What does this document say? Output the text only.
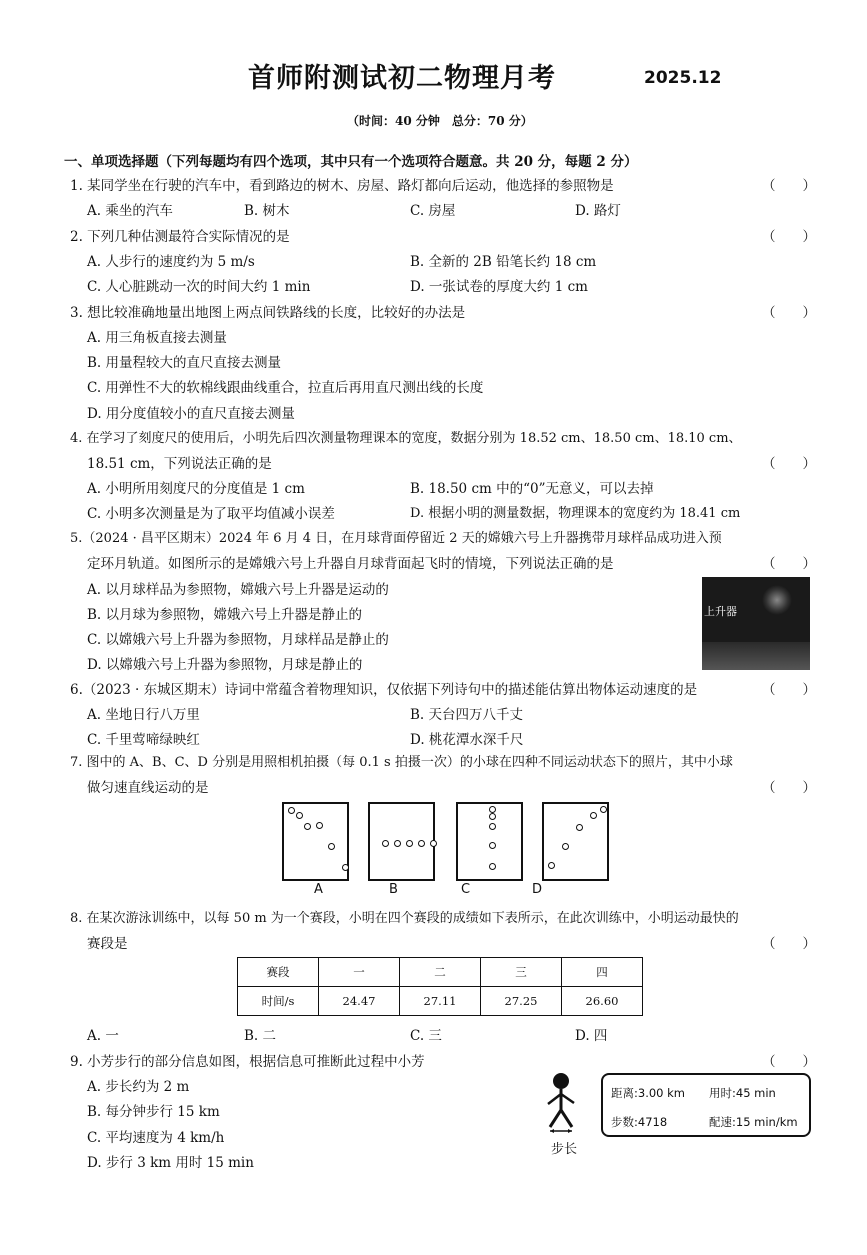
首师附测试初二物理月考	2025.12
（时间：40 分钟　总分：70 分）
一、单项选择题（下列每题均有四个选项，其中只有一个选项符合题意。共 20 分，每题 2 分）
1. 某同学坐在行驶的汽车中，看到路边的树木、房屋、路灯都向后运动，他选择的参照物是	（　　）
A. 乘坐的汽车	B. 树木	C. 房屋	D. 路灯
2. 下列几种估测最符合实际情况的是	（　　）
A. 人步行的速度约为 5 m/s	B. 全新的 2B 铅笔长约 18 cm
C. 人心脏跳动一次的时间大约 1 min	D. 一张试卷的厚度大约 1 cm
3. 想比较准确地量出地图上两点间铁路线的长度，比较好的办法是	（　　）
A. 用三角板直接去测量
B. 用量程较大的直尺直接去测量
C. 用弹性不大的软棉线跟曲线重合，拉直后再用直尺测出线的长度
D. 用分度值较小的直尺直接去测量
4. 在学习了刻度尺的使用后，小明先后四次测量物理课本的宽度，数据分别为 18.52 cm、18.50 cm、18.10 cm、
18.51 cm，下列说法正确的是	（　　）
A. 小明所用刻度尺的分度值是 1 cm	B. 18.50 cm 中的“0”无意义，可以去掉
C. 小明多次测量是为了取平均值减小误差	D. 根据小明的测量数据，物理课本的宽度约为 18.41 cm
5.（2024 · 昌平区期末）2024 年 6 月 4 日，在月球背面停留近 2 天的嫦娥六号上升器携带月球样品成功进入预
定环月轨道。如图所示的是嫦娥六号上升器自月球背面起飞时的情境，下列说法正确的是	（　　）
A. 以月球样品为参照物，嫦娥六号上升器是运动的
B. 以月球为参照物，嫦娥六号上升器是静止的
C. 以嫦娥六号上升器为参照物，月球样品是静止的
D. 以嫦娥六号上升器为参照物，月球是静止的
上升器
6.（2023 · 东城区期末）诗词中常蕴含着物理知识，仅依据下列诗句中的描述能估算出物体运动速度的是	（　　）
A. 坐地日行八万里	B. 天台四万八千丈
C. 千里莺啼绿映红	D. 桃花潭水深千尺
7. 图中的 A、B、C、D 分别是用照相机拍摄（每 0.1 s 拍摄一次）的小球在四种不同运动状态下的照片，其中小球
做匀速直线运动的是	（　　）
A	B	C	D
8. 在某次游泳训练中，以每 50 m 为一个赛段，小明在四个赛段的成绩如下表所示，在此次训练中，小明运动最快的
赛段是	（　　）
赛段	一	二	三	四
时间/s	24.47	27.11	27.25	26.60
A. 一	B. 二	C. 三	D. 四
9. 小芳步行的部分信息如图，根据信息可推断此过程中小芳	（　　）
A. 步长约为 2 m
B. 每分钟步行 15 km
C. 平均速度为 4 km/h
D. 步行 3 km 用时 15 min
步长
距离:3.00 km 用时:45 min
步数:4718	配速:15 min/km
